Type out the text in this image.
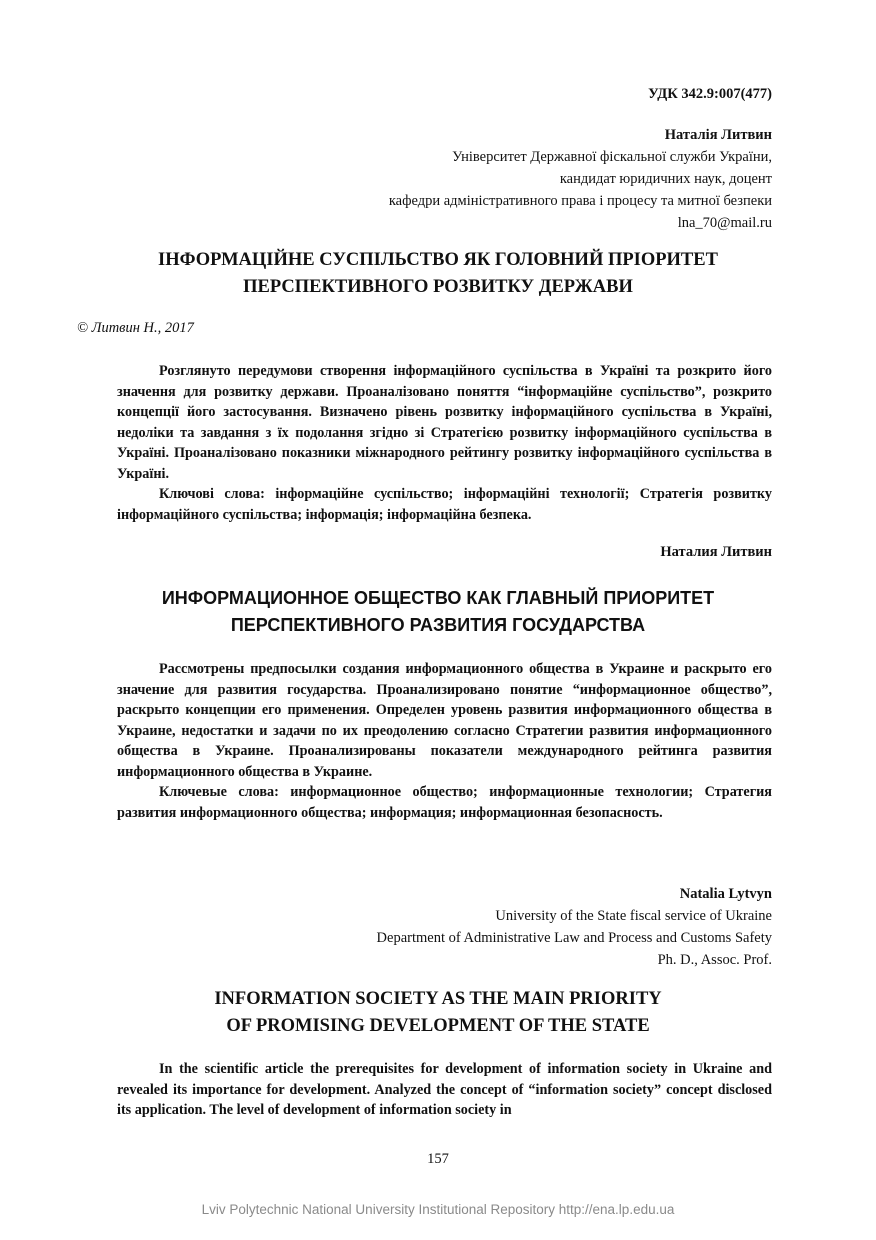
УДК 342.9:007(477)
Наталія Литвин
Університет Державної фіскальної служби України,
кандидат юридичних наук, доцент
кафедри адміністративного права і процесу та митної безпеки
lna_70@mail.ru
ІНФОРМАЦІЙНЕ СУСПІЛЬСТВО ЯК ГОЛОВНИЙ ПРІОРИТЕТ
ПЕРСПЕКТИВНОГО РОЗВИТКУ ДЕРЖАВИ
© Литвин Н., 2017

Розглянуто передумови створення інформаційного суспільства в Україні та розкрито його значення для розвитку держави. Проаналізовано поняття “інформаційне суспільство”, розкрито концепції його застосування. Визначено рівень розвитку інформаційного суспільства в Україні, недоліки та завдання з їх подолання згідно зі Стратегією розвитку інформаційного суспільства в Україні. Проаналізовано показники міжнародного рейтингу розвитку інформаційного суспільства в Україні.

Ключові слова: інформаційне суспільство; інформаційні технології; Стратегія розвитку інформаційного суспільства; інформація; інформаційна безпека.

Наталия Литвин
ИНФОРМАЦИОННОЕ ОБЩЕСТВО КАК ГЛАВНЫЙ ПРИОРИТЕТ
ПЕРСПЕКТИВНОГО РАЗВИТИЯ ГОСУДАРСТВА

Рассмотрены предпосылки создания информационного общества в Украине и раскрыто его значение для развития государства. Проанализировано понятие “информационное общество”, раскрыто концепции его применения. Определен уровень развития информационного общества в Украине, недостатки и задачи по их преодолению согласно Стратегии развития информационного общества в Украине. Проанализированы показатели международного рейтинга развития информационного общества в Украине.

Ключевые слова: информационное общество; информационные технологии; Стратегия развития информационного общества; информация; информационная безопасность.

Natalia Lytvyn
University of the State fiscal service of Ukraine
Department of Administrative Law and Process and Customs Safety
Ph. D., Assoc. Prof.
INFORMATION SOCIETY AS THE MAIN PRIORITY
OF PROMISING DEVELOPMENT OF THE STATE

In the scientific article the prerequisites for development of information society in Ukraine and revealed its importance for development. Analyzed the concept of “information society” concept disclosed its application. The level of development of information society in

157
Lviv Polytechnic National University Institutional Repository http://ena.lp.edu.ua
